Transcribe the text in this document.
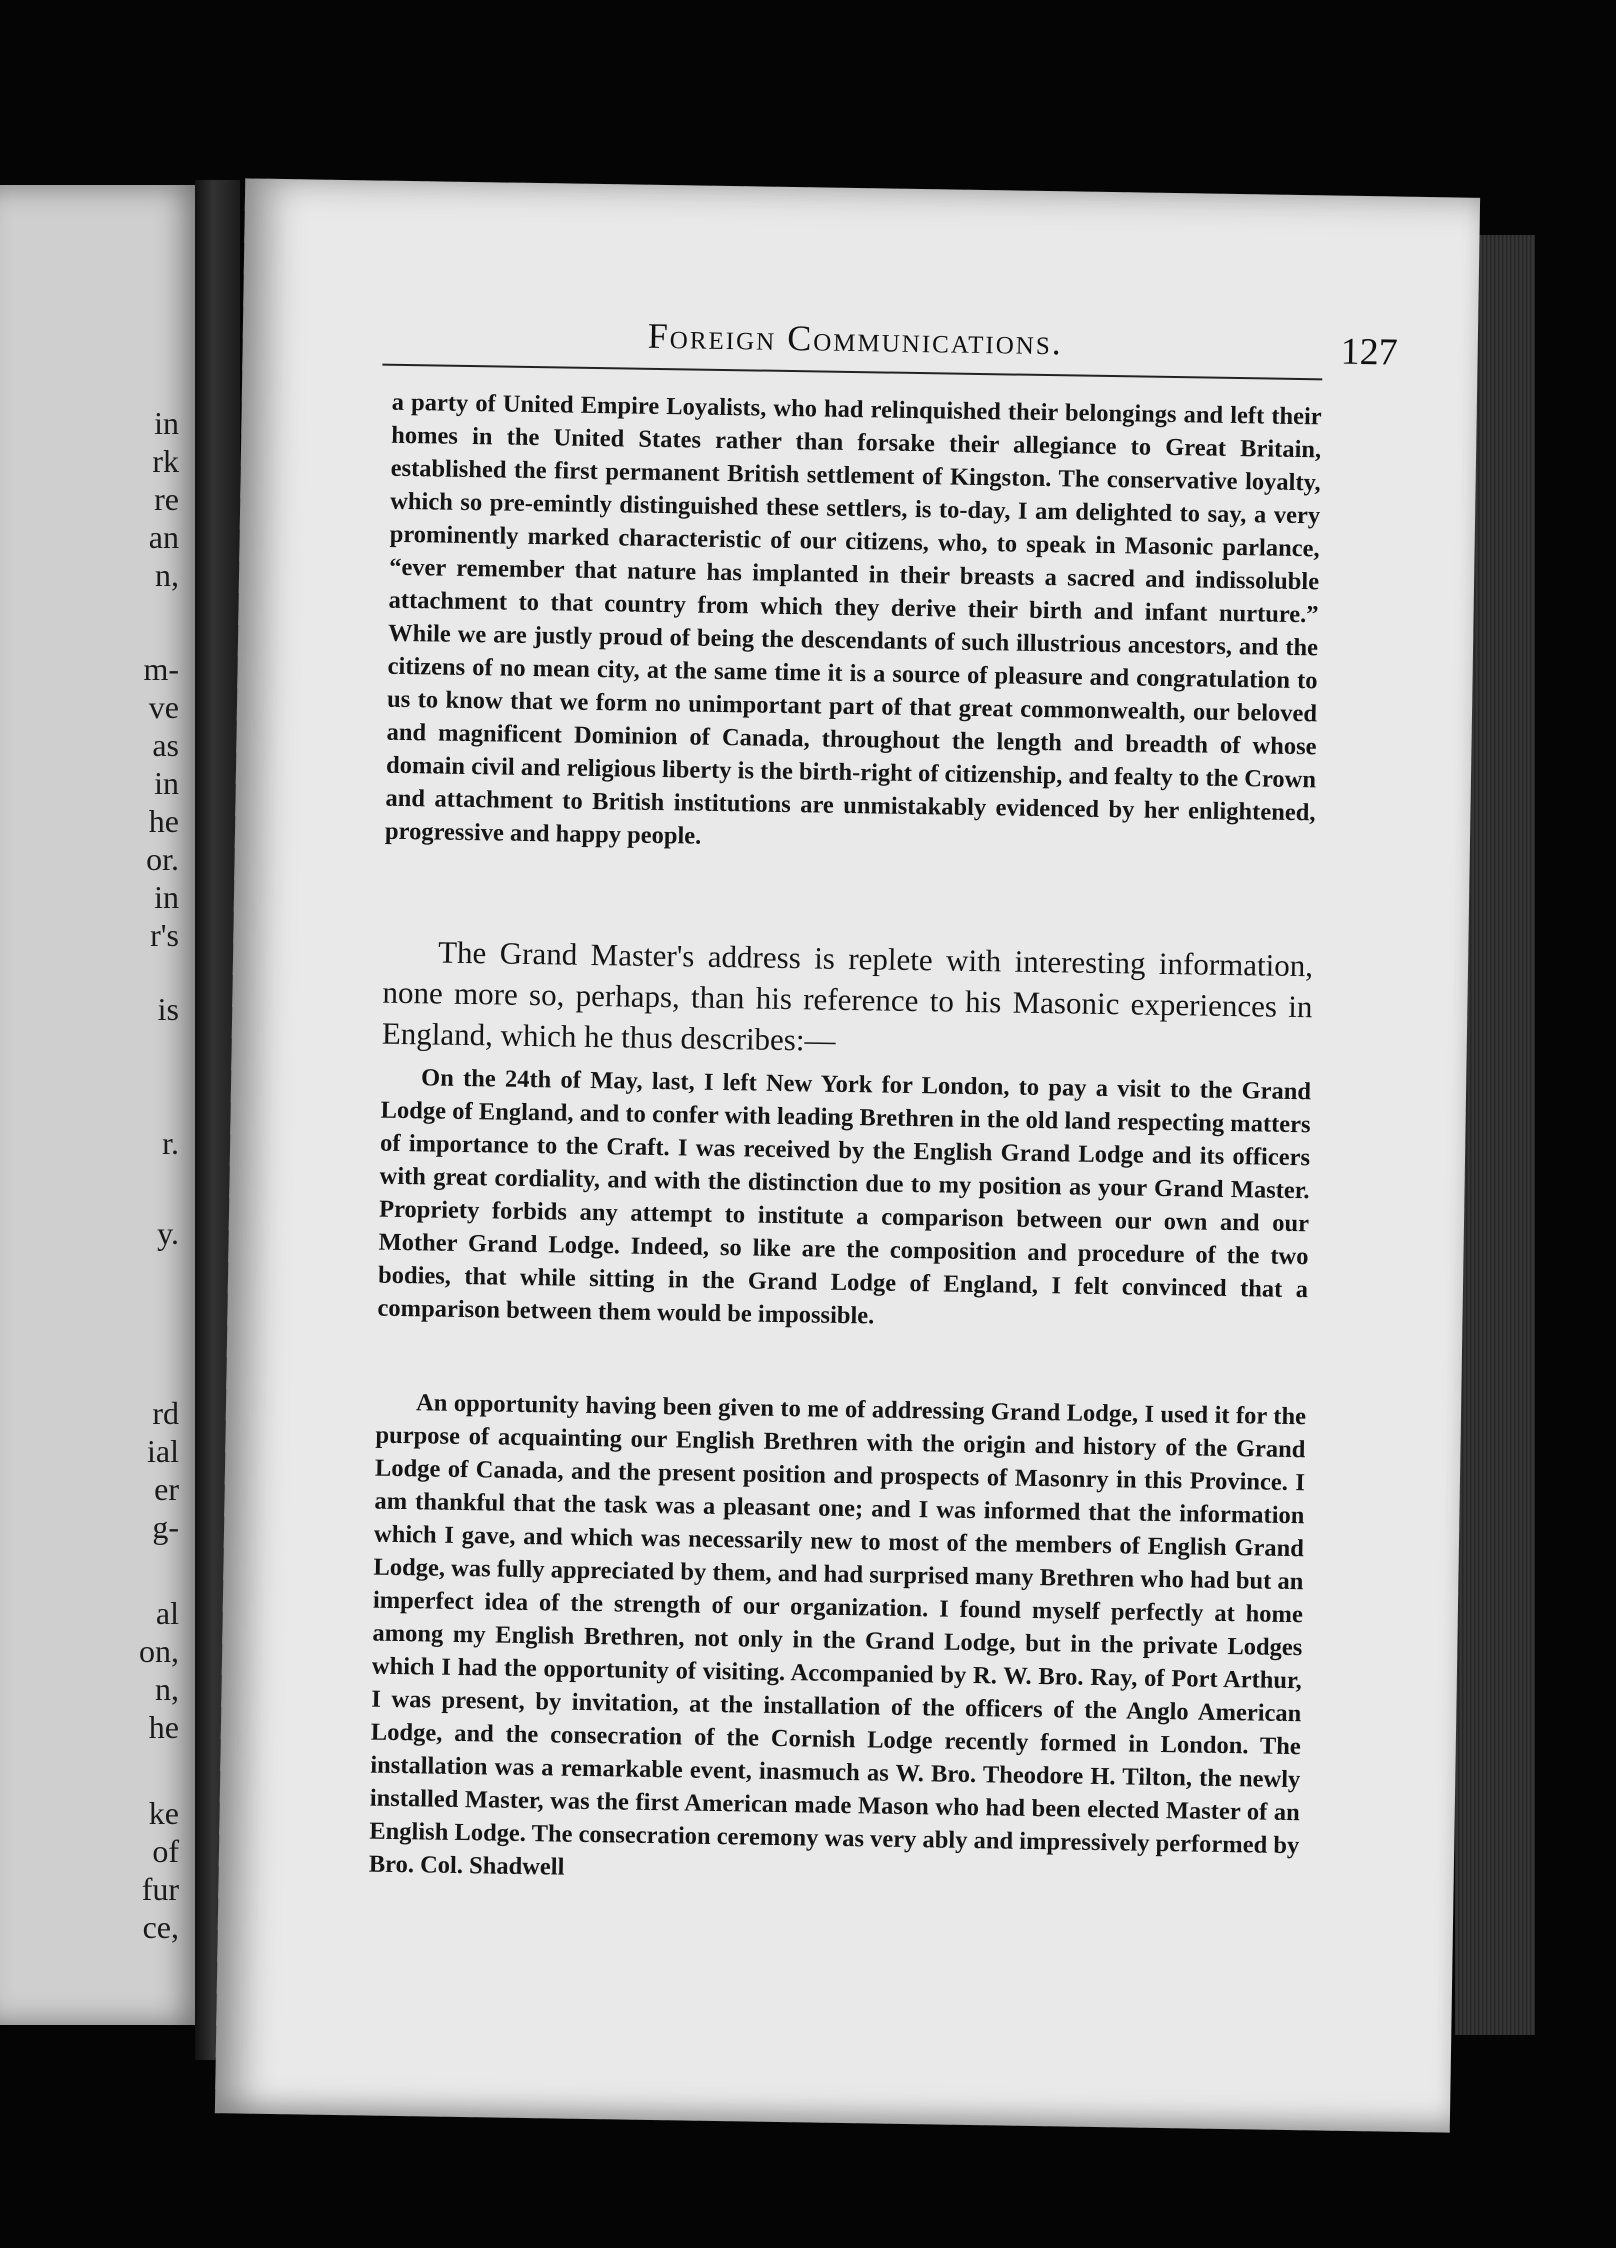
in
rk
re
an
n,
m-
ve
as
in
he
or.
in
r's
is
r.
y.
rd
ial
er
g-
al
on,
n,
he
ke
of
fur
ce,
Foreign Communications.	127

a party of United Empire Loyalists, who had relinquished their belongings and left their homes in the United States rather than forsake their allegiance to Great Britain, established the first permanent British settlement of Kingston. The conservative loyalty, which so pre-emintly distinguished these settlers, is to-day, I am delighted to say, a very prominently marked characteristic of our citizens, who, to speak in Masonic parlance, “ever remember that nature has implanted in their breasts a sacred and indissoluble attachment to that country from which they derive their birth and infant nurture.” While we are justly proud of being the descendants of such illustrious ancestors, and the citizens of no mean city, at the same time it is a source of pleasure and congratulation to us to know that we form no unimportant part of that great commonwealth, our beloved and magnificent Dominion of Canada, throughout the length and breadth of whose domain civil and religious liberty is the birth-right of citizenship, and fealty to the Crown and attachment to British institutions are unmistakably evidenced by her enlightened, progressive and happy people.

The Grand Master's address is replete with interesting information, none more so, perhaps, than his reference to his Masonic experiences in England, which he thus describes:—

On the 24th of May, last, I left New York for London, to pay a visit to the Grand Lodge of England, and to confer with leading Brethren in the old land respecting matters of importance to the Craft. I was received by the English Grand Lodge and its officers with great cordiality, and with the distinction due to my position as your Grand Master. Propriety forbids any attempt to institute a comparison between our own and our Mother Grand Lodge. Indeed, so like are the composition and procedure of the two bodies, that while sitting in the Grand Lodge of England, I felt convinced that a comparison between them would be impossible.

An opportunity having been given to me of addressing Grand Lodge, I used it for the purpose of acquainting our English Brethren with the origin and history of the Grand Lodge of Canada, and the present position and prospects of Masonry in this Province. I am thankful that the task was a pleasant one; and I was informed that the information which I gave, and which was necessarily new to most of the members of English Grand Lodge, was fully appreciated by them, and had surprised many Brethren who had but an imperfect idea of the strength of our organization. I found myself perfectly at home among my English Brethren, not only in the Grand Lodge, but in the private Lodges which I had the opportunity of visiting. Accompanied by R. W. Bro. Ray, of Port Arthur, I was present, by invitation, at the installation of the officers of the Anglo American Lodge, and the consecration of the Cornish Lodge recently formed in London. The installation was a remarkable event, inasmuch as W. Bro. Theodore H. Tilton, the newly installed Master, was the first American made Mason who had been elected Master of an English Lodge. The consecration ceremony was very ably and impressively performed by Bro. Col. Shadwell
